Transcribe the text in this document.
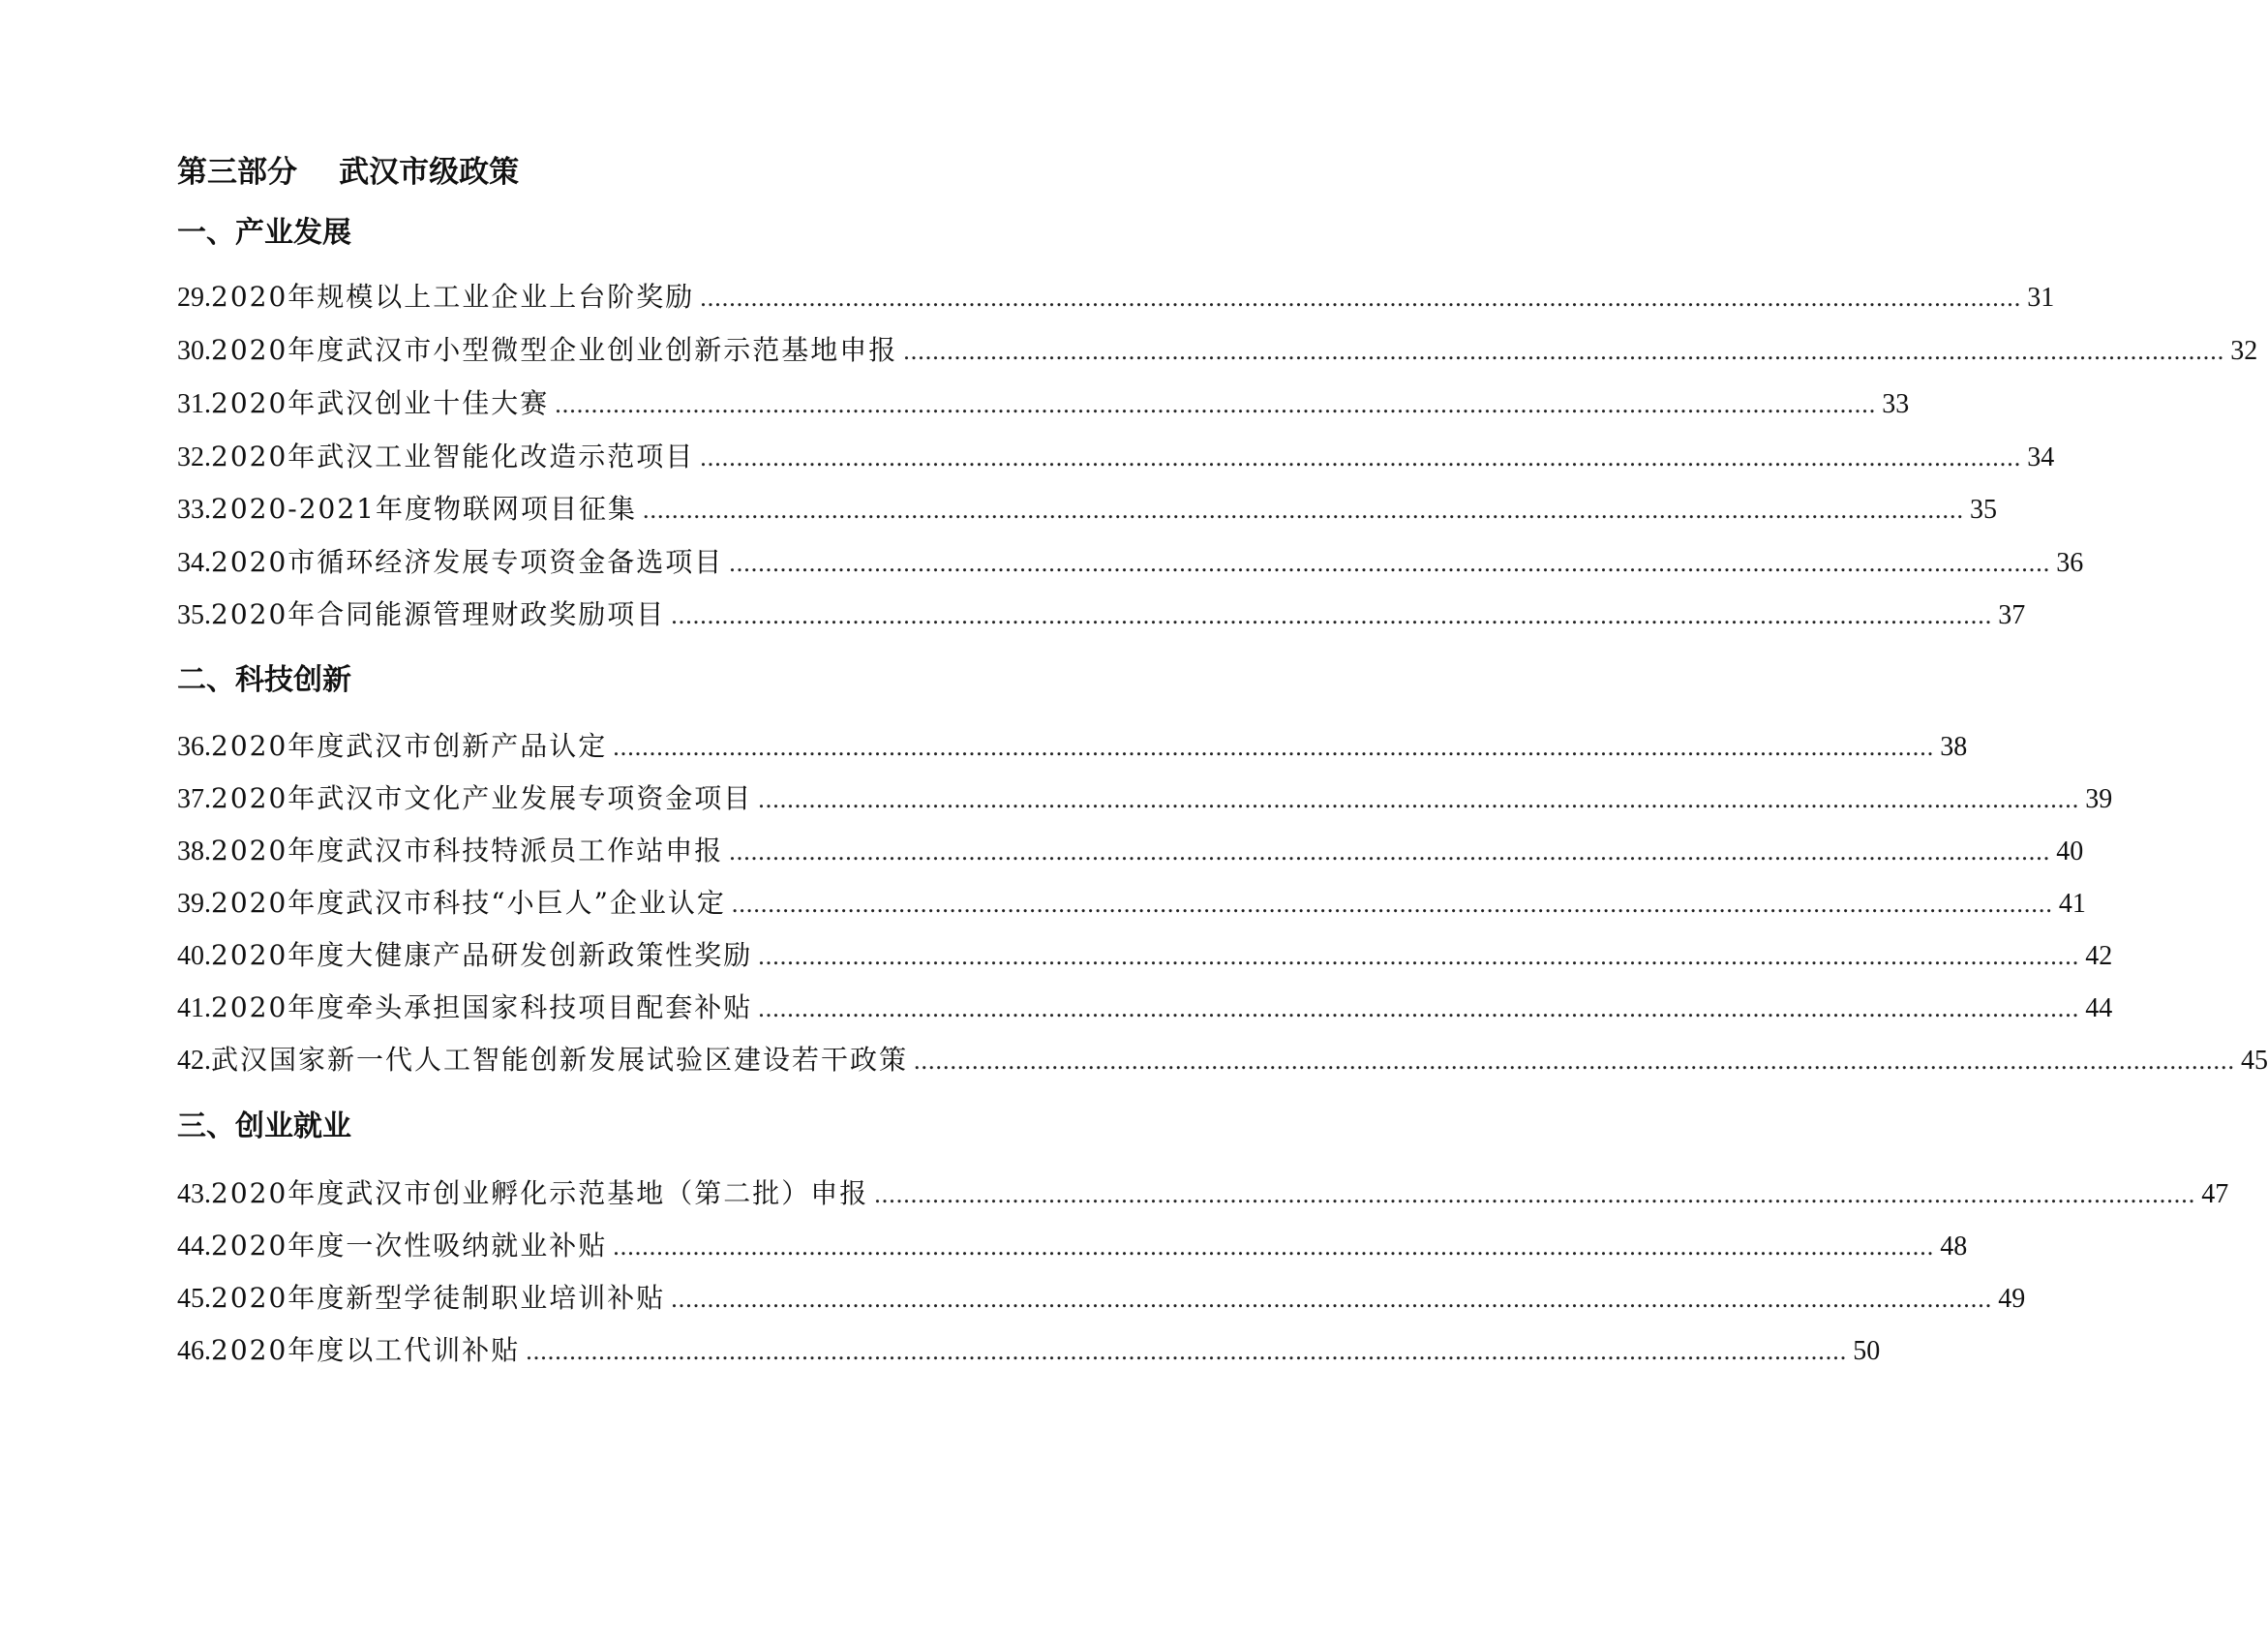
第三部分    武汉市级政策
一、产业发展
29. 2020年规模以上工业企业上台阶奖励 .....	31
30. 2020年度武汉市小型微型企业创业创新示范基地申报 .....	32
31. 2020年武汉创业十佳大赛 .....	33
32. 2020年武汉工业智能化改造示范项目 .....	34
33. 2020-2021年度物联网项目征集 .....	35
34. 2020市循环经济发展专项资金备选项目 .....	36
35. 2020年合同能源管理财政奖励项目 .....	37
二、科技创新
36. 2020年度武汉市创新产品认定 .....	38
37. 2020年武汉市文化产业发展专项资金项目 .....	39
38. 2020年度武汉市科技特派员工作站申报 .....	40
39. 2020年度武汉市科技“小巨人”企业认定 .....	41
40. 2020年度大健康产品研发创新政策性奖励 .....	42
41. 2020年度牵头承担国家科技项目配套补贴 .....	44
42. 武汉国家新一代人工智能创新发展试验区建设若干政策 .....	45
三、创业就业
43. 2020年度武汉市创业孵化示范基地（第二批）申报 .....	47
44. 2020年度一次性吸纳就业补贴 .....	48
45. 2020年度新型学徒制职业培训补贴 .....	49
46. 2020年度以工代训补贴 .....	50
